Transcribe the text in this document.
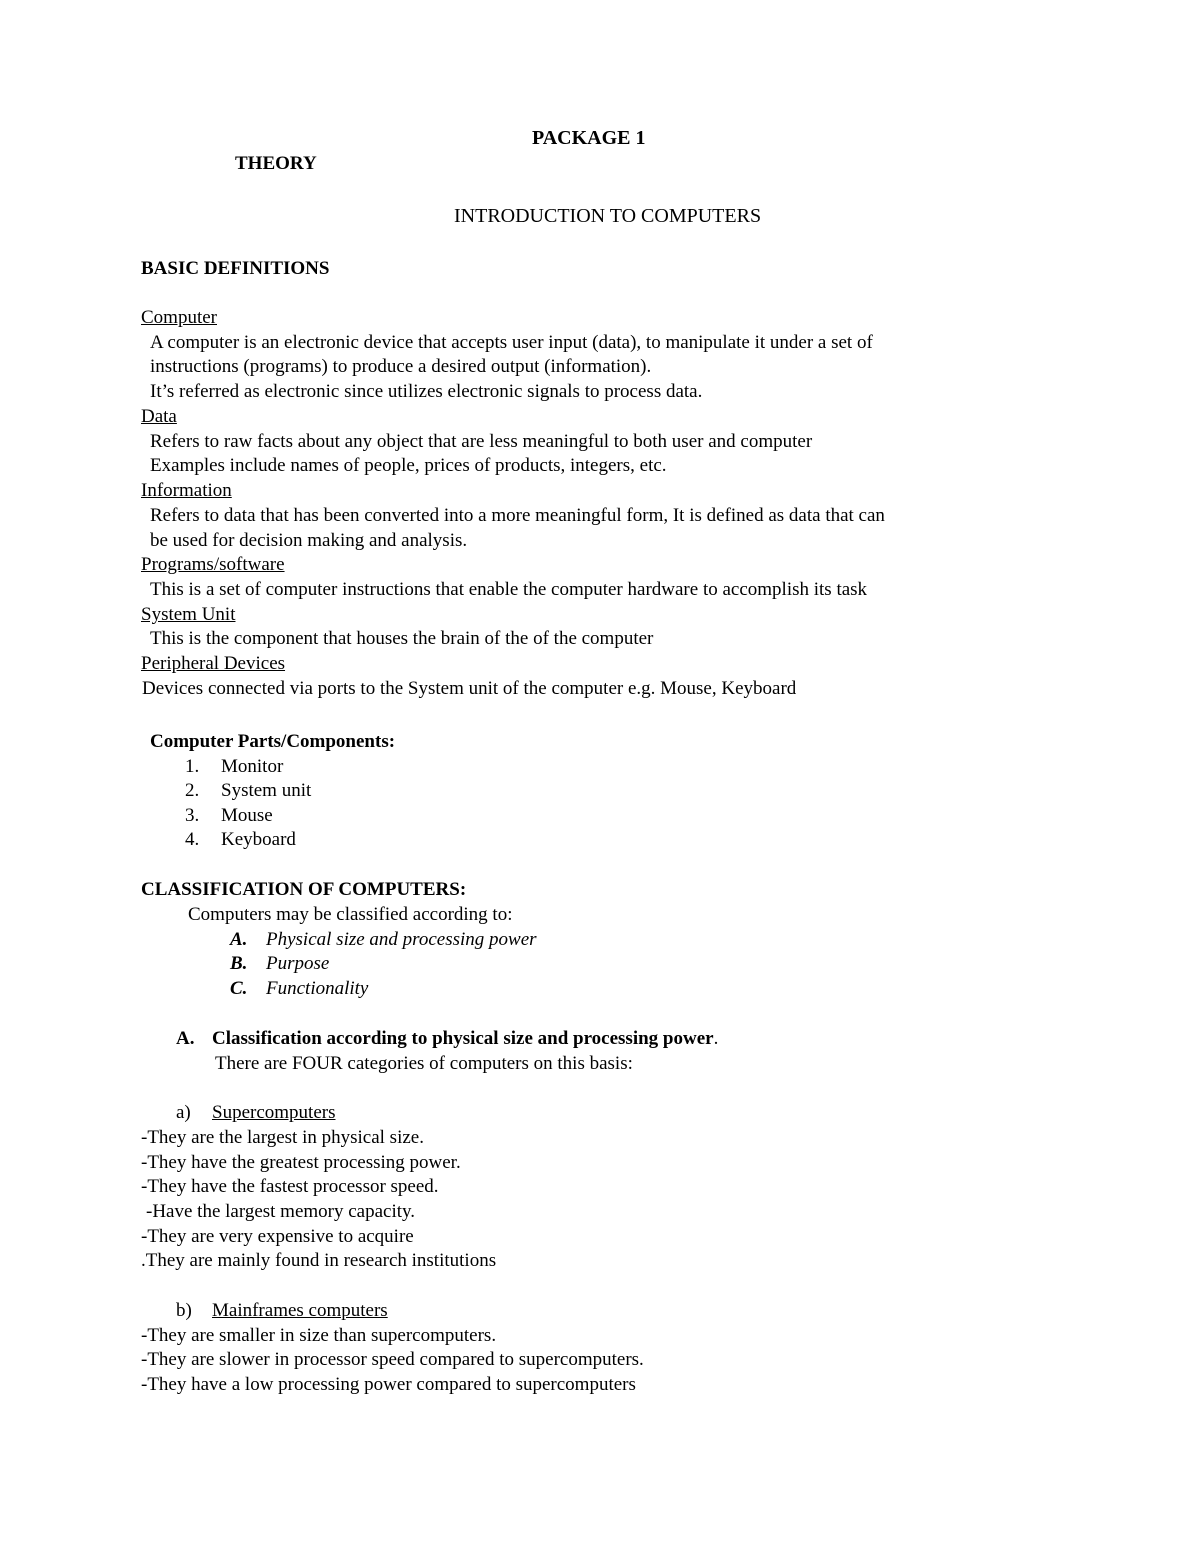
PACKAGE 1
THEORY
INTRODUCTION TO COMPUTERS
BASIC DEFINITIONS
Computer
A computer is an electronic device that accepts user input (data), to manipulate it under a set of
instructions (programs) to produce a desired output (information).
It’s referred as electronic since utilizes electronic signals to process data.
Data
Refers to raw facts about any object that are less meaningful to both user and computer
Examples include names of people, prices of products, integers, etc.
Information
Refers to data that has been converted into a more meaningful form, It is defined as data that can
be used for decision making and analysis.
Programs/software
This is a set of computer instructions that enable the computer hardware to accomplish its task
System Unit
This is the component that houses the brain of the of the computer
Peripheral Devices
Devices connected via ports to the System unit of the computer e.g. Mouse, Keyboard
Computer Parts/Components:
1. Monitor
2. System unit
3. Mouse
4. Keyboard
CLASSIFICATION OF COMPUTERS:
Computers may be classified according to:
A. Physical size and processing power
B. Purpose
C. Functionality
A. Classification according to physical size and processing power.
There are FOUR categories of computers on this basis:
a) Supercomputers
-They are the largest in physical size.
-They have the greatest processing power.
-They have the fastest processor speed.
-Have the largest memory capacity.
-They are very expensive to acquire
.They are mainly found in research institutions
b) Mainframes computers
-They are smaller in size than supercomputers.
-They are slower in processor speed compared to supercomputers.
-They have a low processing power compared to supercomputers
